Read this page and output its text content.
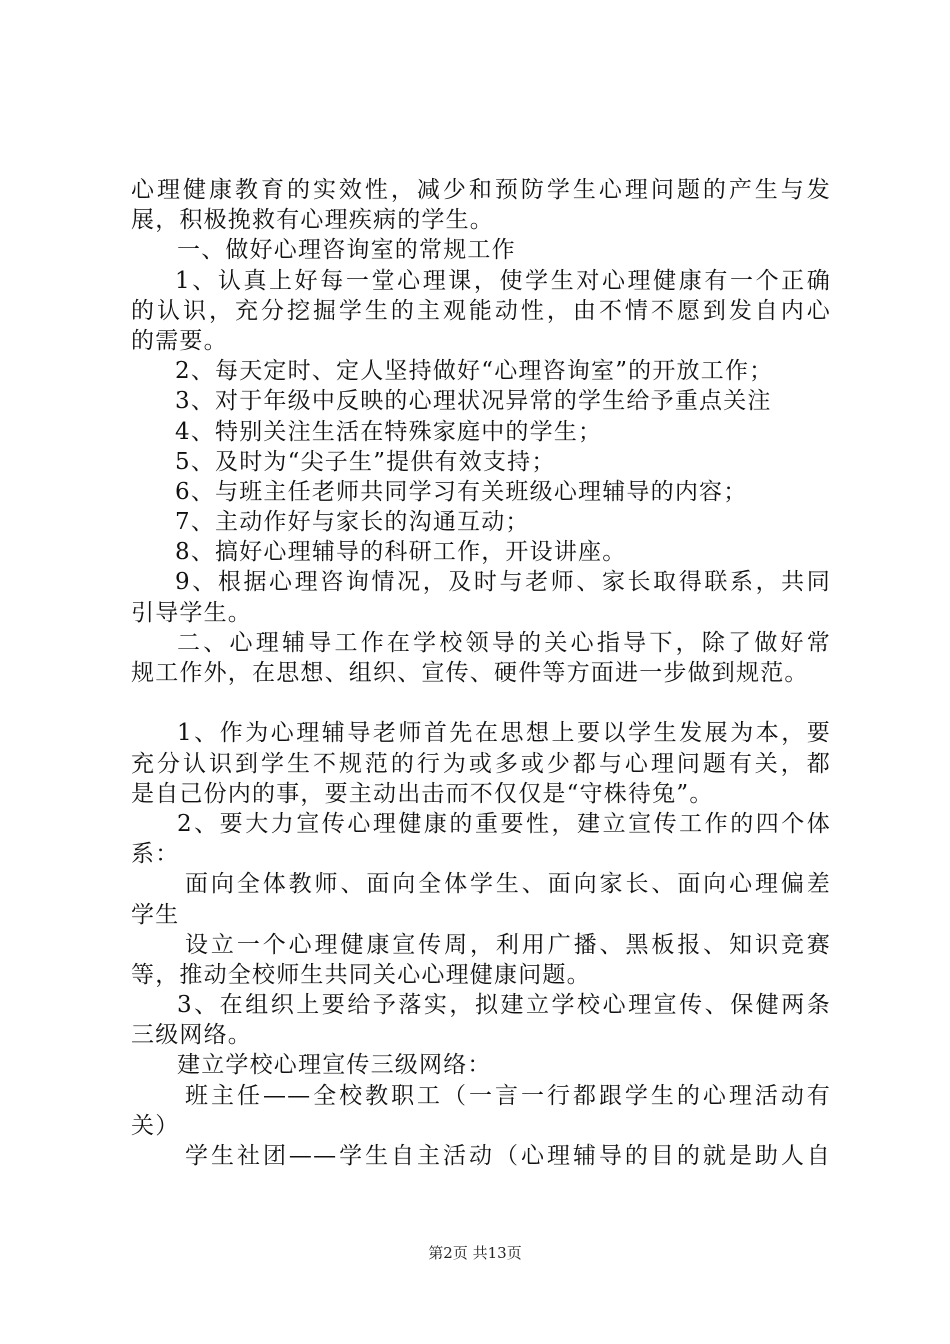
心理健康教育的实效性，减少和预防学生心理问题的产生与发
展，积极挽救有心理疾病的学生。
一、做好心理咨询室的常规工作
1、认真上好每一堂心理课，使学生对心理健康有一个正确
的认识，充分挖掘学生的主观能动性，由不情不愿到发自内心
的需要。
2、每天定时、定人坚持做好“心理咨询室”的开放工作；
3、对于年级中反映的心理状况异常的学生给予重点关注
4、特别关注生活在特殊家庭中的学生；
5、及时为“尖子生”提供有效支持；
6、与班主任老师共同学习有关班级心理辅导的内容；
7、主动作好与家长的沟通互动；
8、搞好心理辅导的科研工作，开设讲座。
9、根据心理咨询情况，及时与老师、家长取得联系，共同
引导学生。
二、心理辅导工作在学校领导的关心指导下，除了做好常
规工作外，在思想、组织、宣传、硬件等方面进一步做到规范。
1、作为心理辅导老师首先在思想上要以学生发展为本，要
充分认识到学生不规范的行为或多或少都与心理问题有关，都
是自己份内的事，要主动出击而不仅仅是“守株待兔”。
2、要大力宣传心理健康的重要性，建立宣传工作的四个体
系：
面向全体教师、面向全体学生、面向家长、面向心理偏差
学生
设立一个心理健康宣传周，利用广播、黑板报、知识竞赛
等，推动全校师生共同关心心理健康问题。
3、在组织上要给予落实，拟建立学校心理宣传、保健两条
三级网络。
建立学校心理宣传三级网络：
班主任——全校教职工（一言一行都跟学生的心理活动有
关）
学生社团——学生自主活动（心理辅导的目的就是助人自
第2页 共13页
